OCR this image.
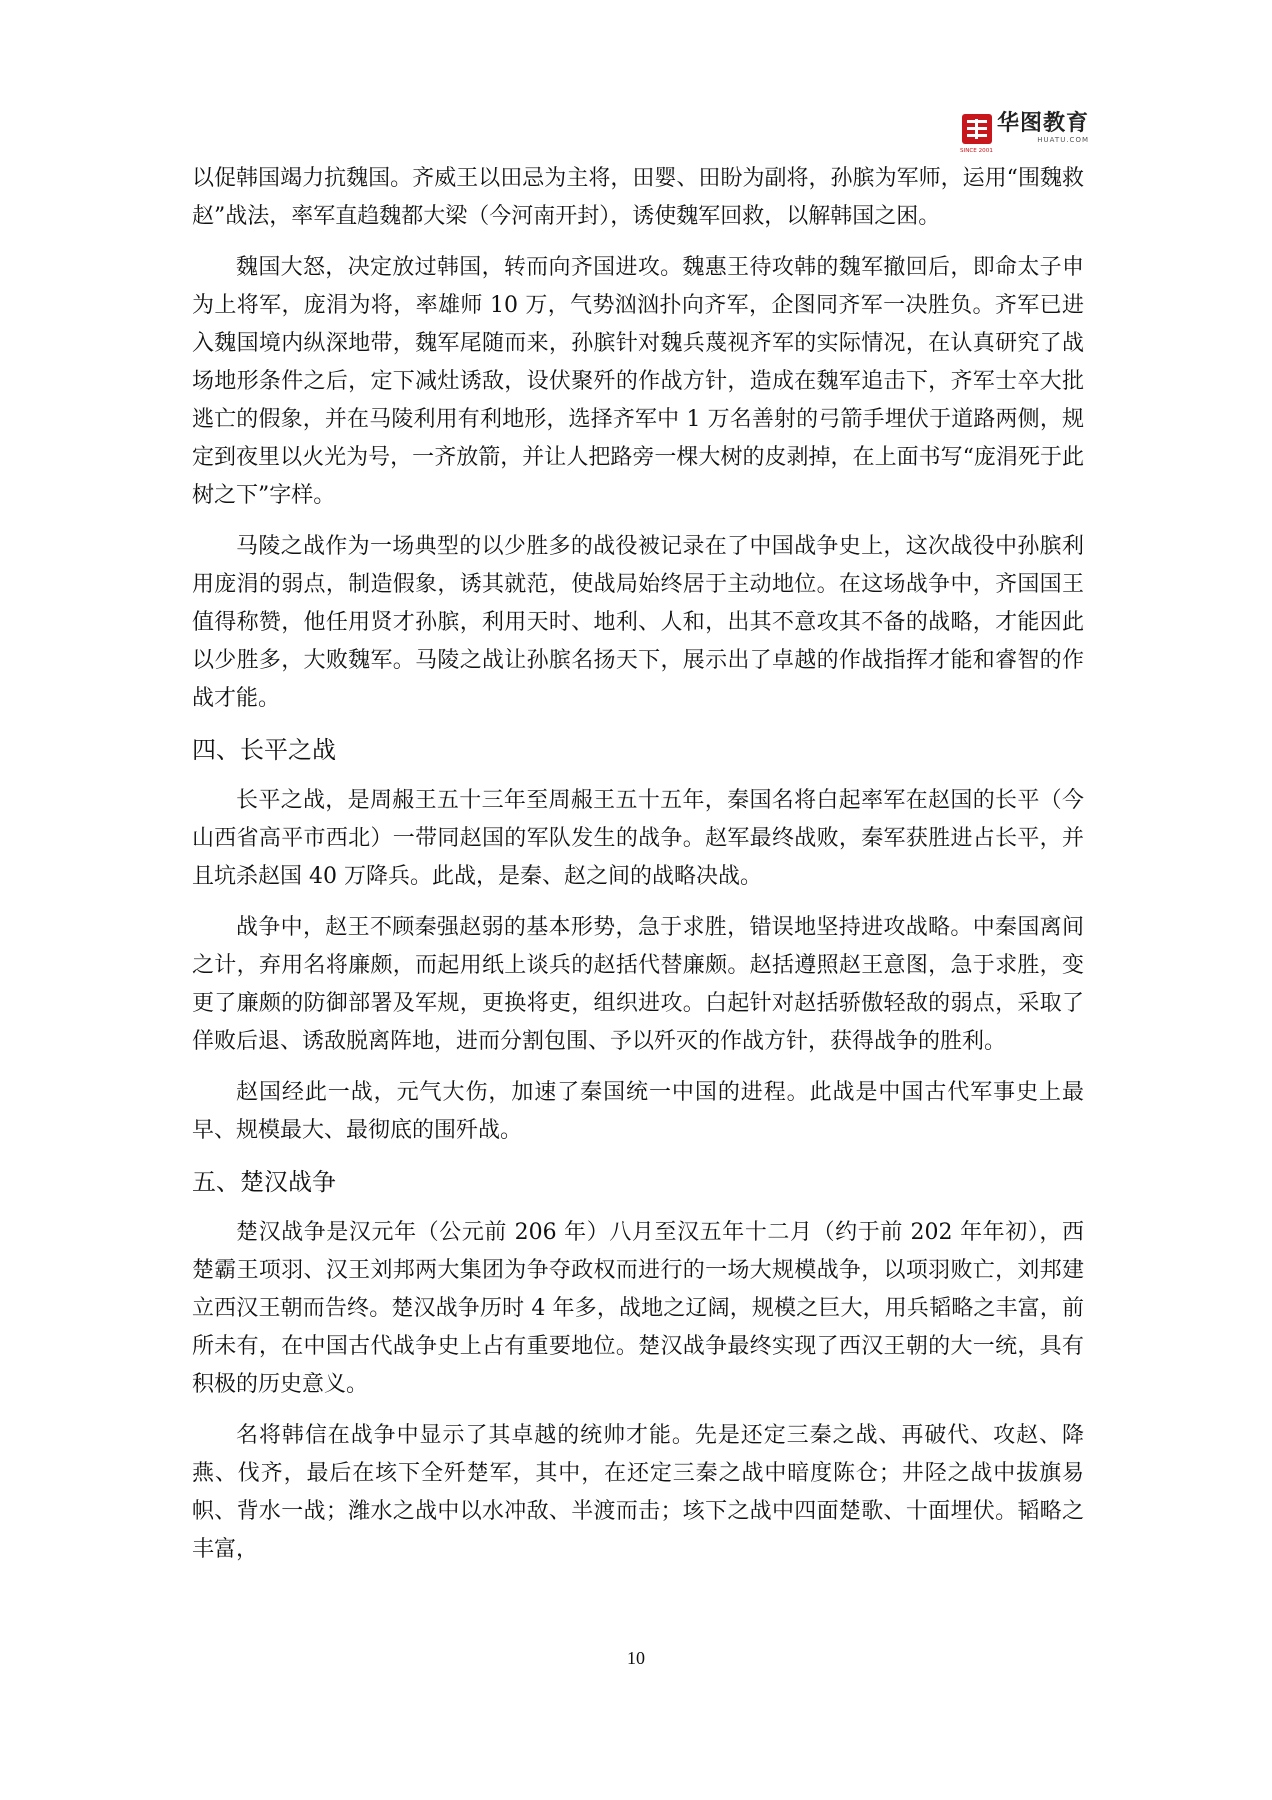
SINCE 2001
华图教育
HUATU.COM

以促韩国竭力抗魏国。齐威王以田忌为主将，田婴、田盼为副将，孙膑为军师，运用“围魏救赵”战法，率军直趋魏都大梁（今河南开封），诱使魏军回救，以解韩国之困。

魏国大怒，决定放过韩国，转而向齐国进攻。魏惠王待攻韩的魏军撤回后，即命太子申为上将军，庞涓为将，率雄师 10 万，气势汹汹扑向齐军，企图同齐军一决胜负。齐军已进入魏国境内纵深地带，魏军尾随而来，孙膑针对魏兵蔑视齐军的实际情况，在认真研究了战场地形条件之后，定下减灶诱敌，设伏聚歼的作战方针，造成在魏军追击下，齐军士卒大批逃亡的假象，并在马陵利用有利地形，选择齐军中 1 万名善射的弓箭手埋伏于道路两侧，规定到夜里以火光为号，一齐放箭，并让人把路旁一棵大树的皮剥掉，在上面书写“庞涓死于此树之下”字样。

马陵之战作为一场典型的以少胜多的战役被记录在了中国战争史上，这次战役中孙膑利用庞涓的弱点，制造假象，诱其就范，使战局始终居于主动地位。在这场战争中，齐国国王值得称赞，他任用贤才孙膑，利用天时、地利、人和，出其不意攻其不备的战略，才能因此以少胜多，大败魏军。马陵之战让孙膑名扬天下，展示出了卓越的作战指挥才能和睿智的作战才能。

四、长平之战

长平之战，是周赧王五十三年至周赧王五十五年，秦国名将白起率军在赵国的长平（今山西省高平市西北）一带同赵国的军队发生的战争。赵军最终战败，秦军获胜进占长平，并且坑杀赵国 40 万降兵。此战，是秦、赵之间的战略决战。

战争中，赵王不顾秦强赵弱的基本形势，急于求胜，错误地坚持进攻战略。中秦国离间之计，弃用名将廉颇，而起用纸上谈兵的赵括代替廉颇。赵括遵照赵王意图，急于求胜，变更了廉颇的防御部署及军规，更换将吏，组织进攻。白起针对赵括骄傲轻敌的弱点，采取了佯败后退、诱敌脱离阵地，进而分割包围、予以歼灭的作战方针，获得战争的胜利。

赵国经此一战，元气大伤，加速了秦国统一中国的进程。此战是中国古代军事史上最早、规模最大、最彻底的围歼战。

五、楚汉战争

楚汉战争是汉元年（公元前 206 年）八月至汉五年十二月（约于前 202 年年初），西楚霸王项羽、汉王刘邦两大集团为争夺政权而进行的一场大规模战争，以项羽败亡，刘邦建立西汉王朝而告终。楚汉战争历时 4 年多，战地之辽阔，规模之巨大，用兵韬略之丰富，前所未有，在中国古代战争史上占有重要地位。楚汉战争最终实现了西汉王朝的大一统，具有积极的历史意义。

名将韩信在战争中显示了其卓越的统帅才能。先是还定三秦之战、再破代、攻赵、降燕、伐齐，最后在垓下全歼楚军，其中，在还定三秦之战中暗度陈仓；井陉之战中拔旗易帜、背水一战；潍水之战中以水冲敌、半渡而击；垓下之战中四面楚歌、十面埋伏。韬略之丰富，

10
